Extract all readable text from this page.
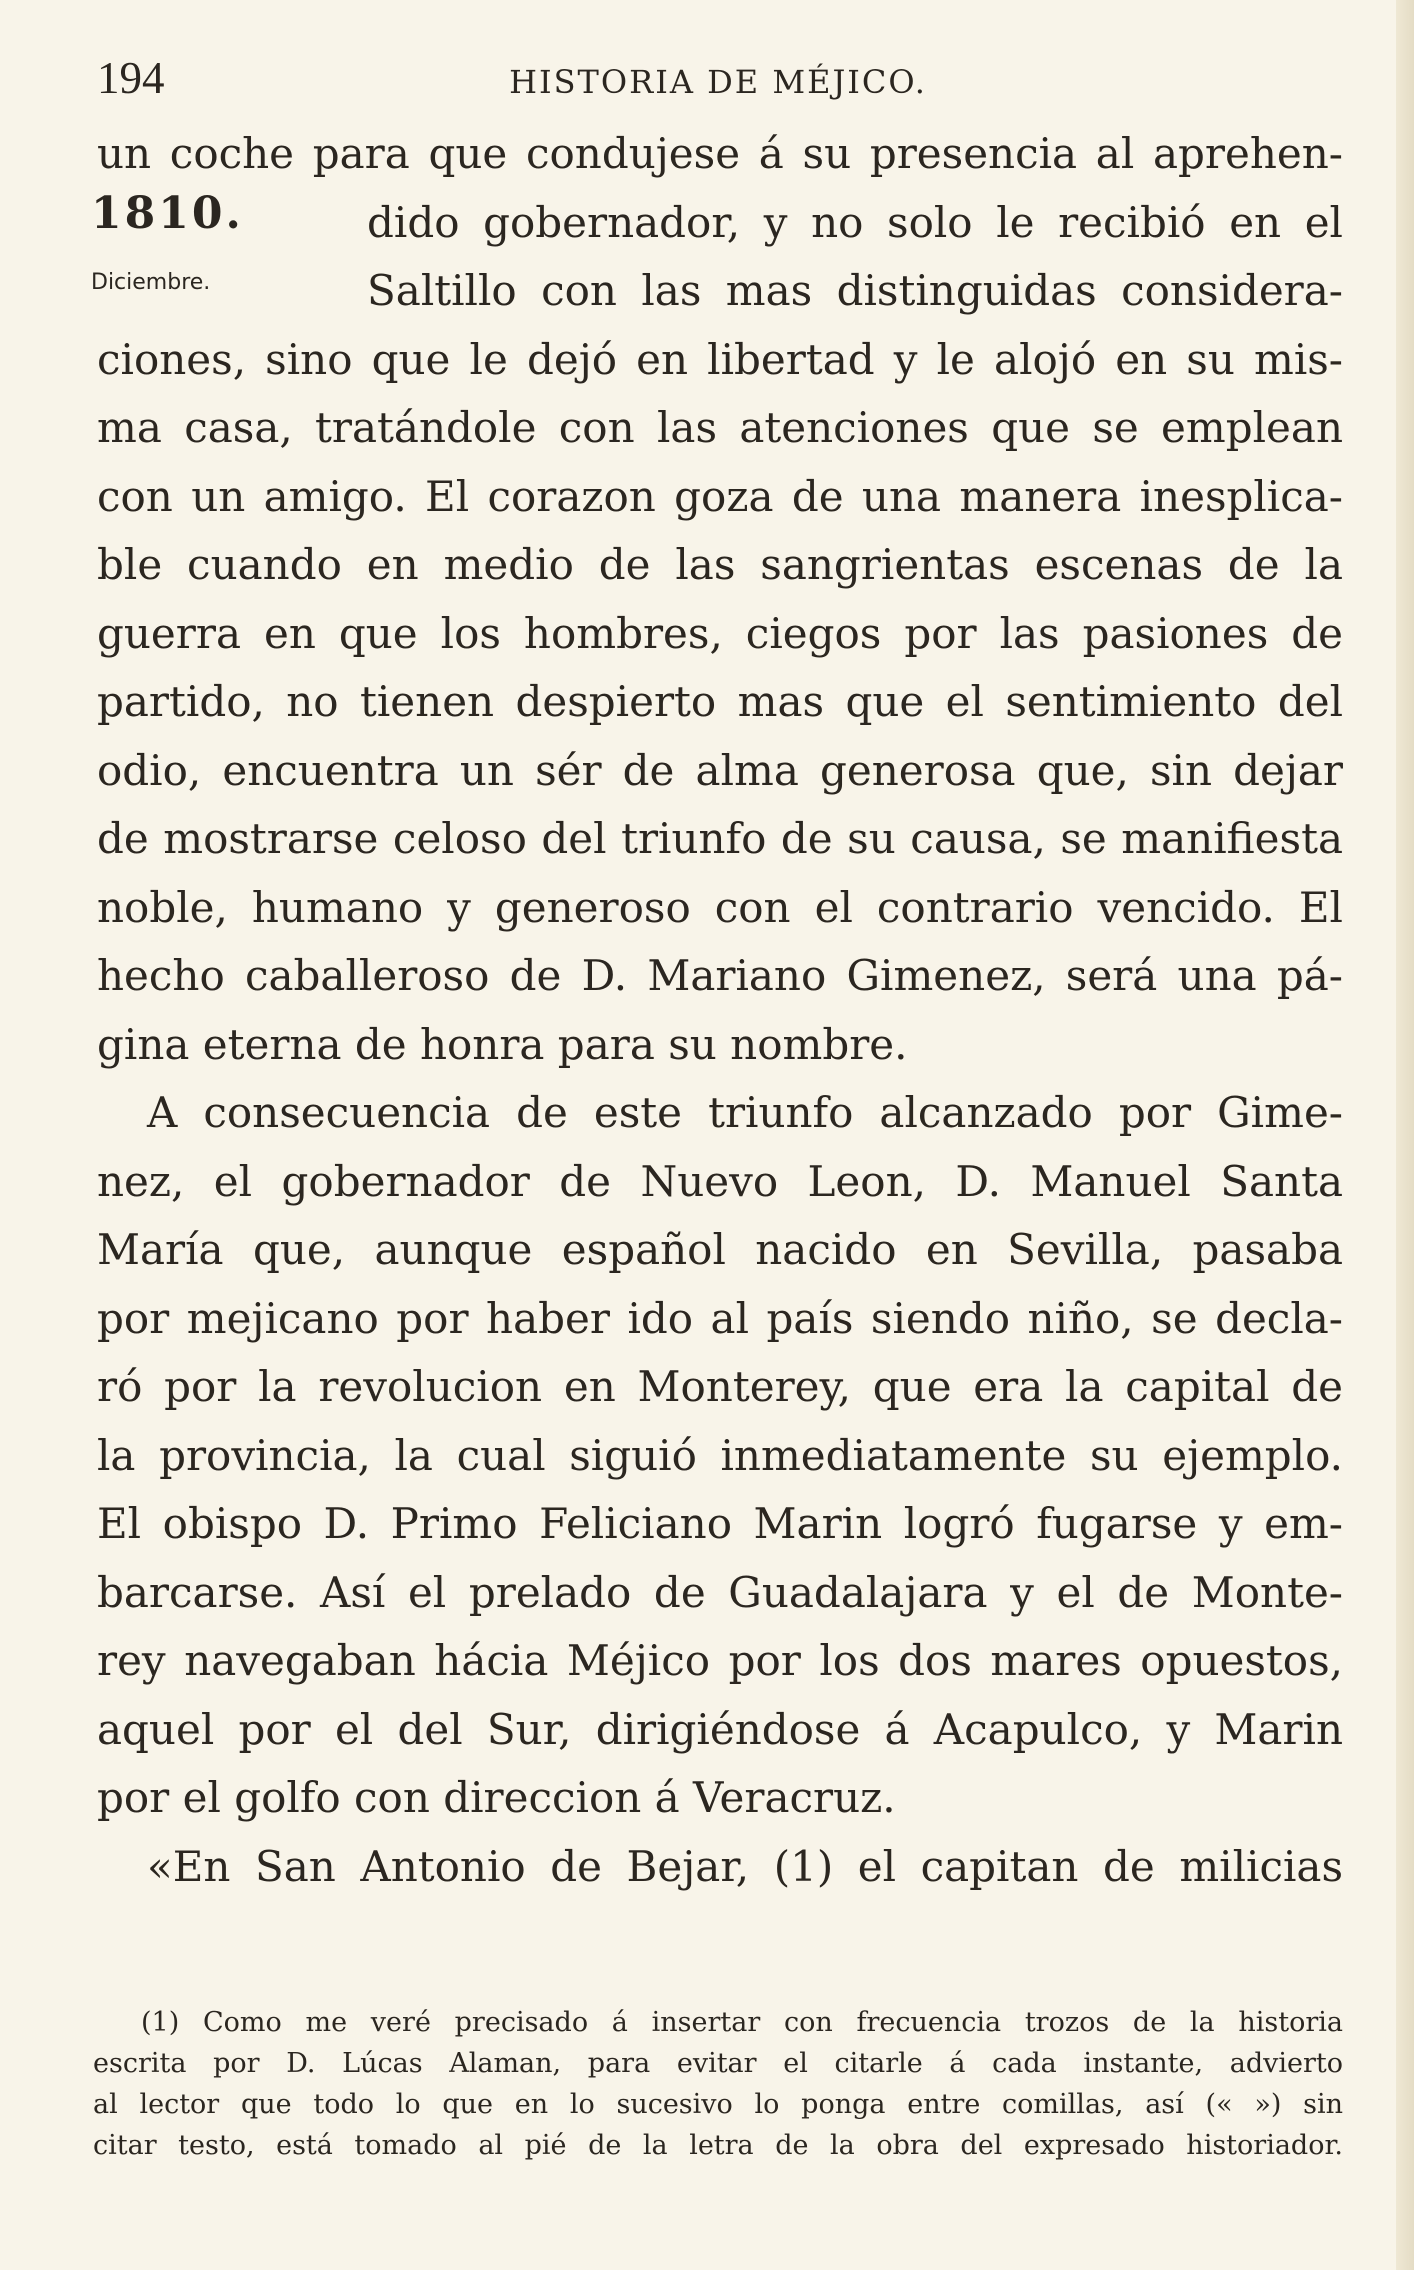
194	HISTORIA DE MÉJICO.
1810.
Diciembre.
un coche para que condujese á su presencia al aprehen-
dido gobernador, y no solo le recibió en el
Saltillo con las mas distinguidas considera-
ciones, sino que le dejó en libertad y le alojó en su mis-
ma casa, tratándole con las atenciones que se emplean
con un amigo. El corazon goza de una manera inesplica-
ble cuando en medio de las sangrientas escenas de la
guerra en que los hombres, ciegos por las pasiones de
partido, no tienen despierto mas que el sentimiento del
odio, encuentra un sér de alma generosa que, sin dejar
de mostrarse celoso del triunfo de su causa, se manifiesta
noble, humano y generoso con el contrario vencido. El
hecho caballeroso de D. Mariano Gimenez, será una pá-
gina eterna de honra para su nombre.
A consecuencia de este triunfo alcanzado por Gime-
nez, el gobernador de Nuevo Leon, D. Manuel Santa
María que, aunque español nacido en Sevilla, pasaba
por mejicano por haber ido al país siendo niño, se decla-
ró por la revolucion en Monterey, que era la capital de
la provincia, la cual siguió inmediatamente su ejemplo.
El obispo D. Primo Feliciano Marin logró fugarse y em-
barcarse. Así el prelado de Guadalajara y el de Monte-
rey navegaban hácia Méjico por los dos mares opuestos,
aquel por el del Sur, dirigiéndose á Acapulco, y Marin
por el golfo con direccion á Veracruz.
«En San Antonio de Bejar, (1) el capitan de milicias
(1) Como me veré precisado á insertar con frecuencia trozos de la historia
escrita por D. Lúcas Alaman, para evitar el citarle á cada instante, advierto
al lector que todo lo que en lo sucesivo lo ponga entre comillas, así (« ») sin
citar testo, está tomado al pié de la letra de la obra del expresado historiador.
